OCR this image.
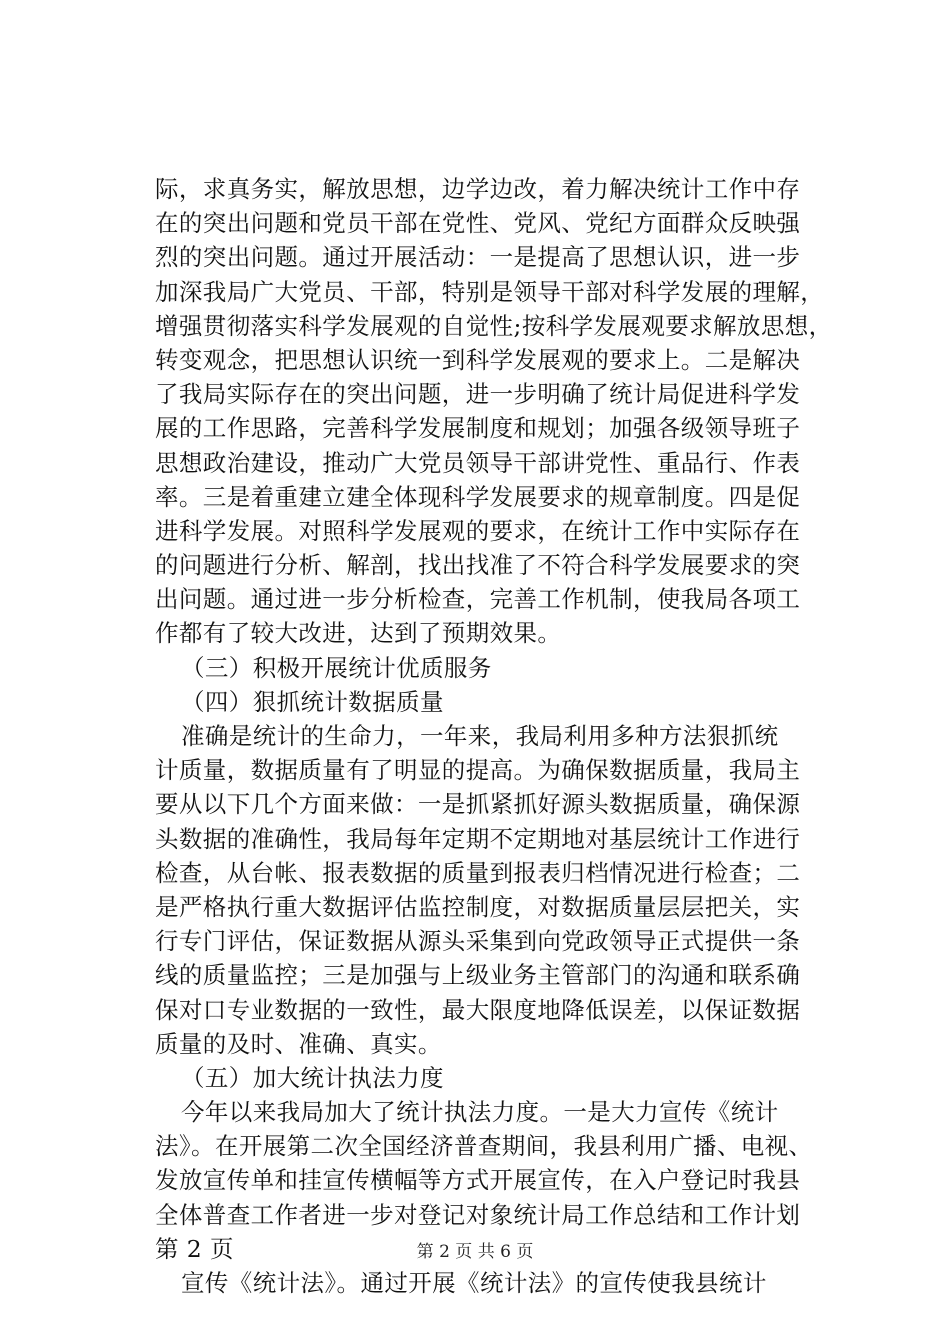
际，求真务实，解放思想，边学边改，着力解决统计工作中存
在的突出问题和党员干部在党性、党风、党纪方面群众反映强
烈的突出问题。通过开展活动：一是提高了思想认识，进一步
加深我局广大党员、干部，特别是领导干部对科学发展的理解，
增强贯彻落实科学发展观的自觉性;按科学发展观要求解放思想，
转变观念，把思想认识统一到科学发展观的要求上。二是解决
了我局实际存在的突出问题，进一步明确了统计局促进科学发
展的工作思路，完善科学发展制度和规划；加强各级领导班子
思想政治建设，推动广大党员领导干部讲党性、重品行、作表
率。三是着重建立建全体现科学发展要求的规章制度。四是促
进科学发展。对照科学发展观的要求，在统计工作中实际存在
的问题进行分析、解剖，找出找准了不符合科学发展要求的突
出问题。通过进一步分析检查，完善工作机制，使我局各项工
作都有了较大改进，达到了预期效果。
（三）积极开展统计优质服务
（四）狠抓统计数据质量
准确是统计的生命力，一年来，我局利用多种方法狠抓统
计质量，数据质量有了明显的提高。为确保数据质量，我局主
要从以下几个方面来做：一是抓紧抓好源头数据质量，确保源
头数据的准确性，我局每年定期不定期地对基层统计工作进行
检查，从台帐、报表数据的质量到报表归档情况进行检查；二
是严格执行重大数据评估监控制度，对数据质量层层把关，实
行专门评估，保证数据从源头采集到向党政领导正式提供一条
线的质量监控；三是加强与上级业务主管部门的沟通和联系确
保对口专业数据的一致性，最大限度地降低误差，以保证数据
质量的及时、准确、真实。
（五）加大统计执法力度
今年以来我局加大了统计执法力度。一是大力宣传《统计
法》。在开展第二次全国经济普查期间，我县利用广播、电视、
发放宣传单和挂宣传横幅等方式开展宣传，在入户登记时我县
全体普查工作者进一步对登记对象统计局工作总结和工作计划
第 2 页
宣传《统计法》。通过开展《统计法》的宣传使我县统计
第 2 页 共 6 页
